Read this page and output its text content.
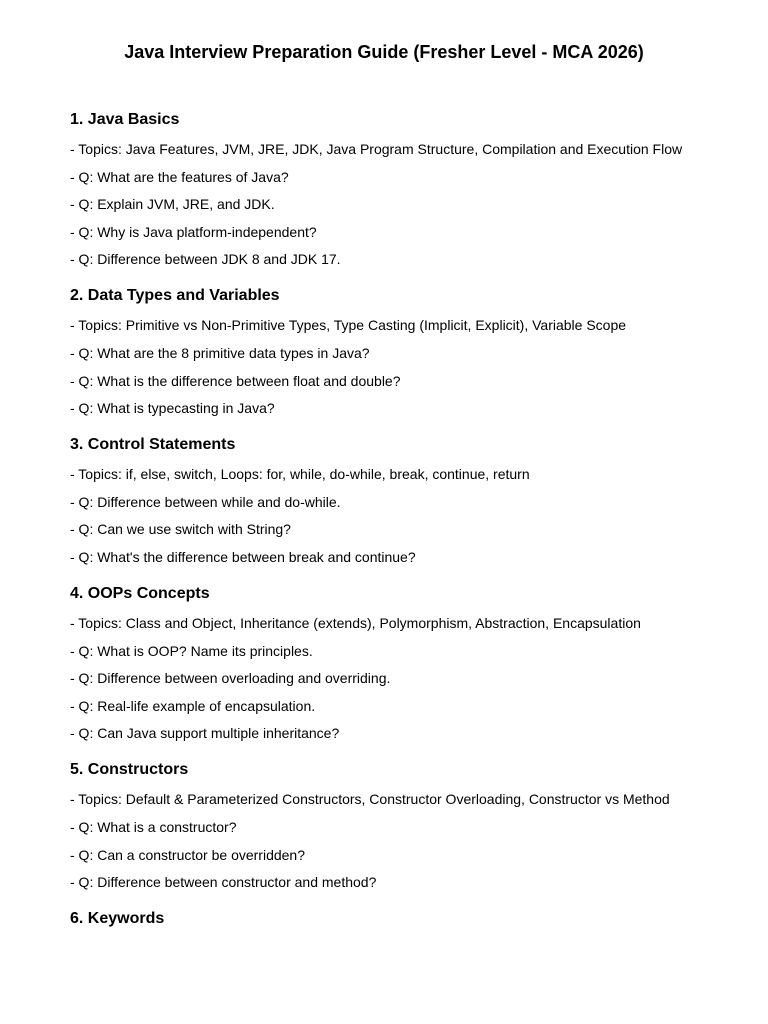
Java Interview Preparation Guide (Fresher Level - MCA 2026)
1. Java Basics
- Topics: Java Features, JVM, JRE, JDK, Java Program Structure, Compilation and Execution Flow
- Q: What are the features of Java?
- Q: Explain JVM, JRE, and JDK.
- Q: Why is Java platform-independent?
- Q: Difference between JDK 8 and JDK 17.
2. Data Types and Variables
- Topics: Primitive vs Non-Primitive Types, Type Casting (Implicit, Explicit), Variable Scope
- Q: What are the 8 primitive data types in Java?
- Q: What is the difference between float and double?
- Q: What is typecasting in Java?
3. Control Statements
- Topics: if, else, switch, Loops: for, while, do-while, break, continue, return
- Q: Difference between while and do-while.
- Q: Can we use switch with String?
- Q: What's the difference between break and continue?
4. OOPs Concepts
- Topics: Class and Object, Inheritance (extends), Polymorphism, Abstraction, Encapsulation
- Q: What is OOP? Name its principles.
- Q: Difference between overloading and overriding.
- Q: Real-life example of encapsulation.
- Q: Can Java support multiple inheritance?
5. Constructors
- Topics: Default & Parameterized Constructors, Constructor Overloading, Constructor vs Method
- Q: What is a constructor?
- Q: Can a constructor be overridden?
- Q: Difference between constructor and method?
6. Keywords
